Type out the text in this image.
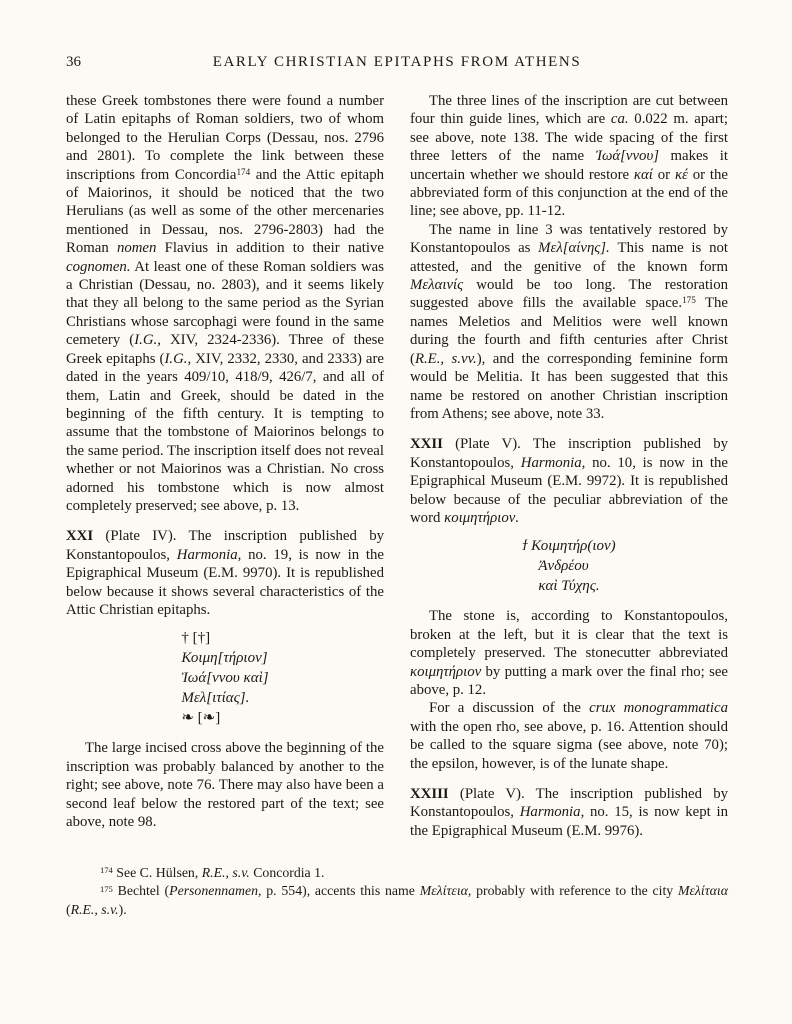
36	EARLY CHRISTIAN EPITAPHS FROM ATHENS

these Greek tombstones there were found a number of Latin epitaphs of Roman soldiers, two of whom belonged to the Herulian Corps (Dessau, nos. 2796 and 2801). To complete the link between these inscriptions from Concordia$^{174}$ and the Attic epitaph of Maiorinos, it should be noticed that the two Herulians (as well as some of the other mercenaries mentioned in Dessau, nos. 2796-2803) had the Roman nomen Flavius in addition to their native cognomen. At least one of these Roman soldiers was a Christian (Dessau, no. 2803), and it seems likely that they all belong to the same period as the Syrian Christians whose sarcophagi were found in the same cemetery (I.G., XIV, 2324-2336). Three of these Greek epitaphs (I.G., XIV, 2332, 2330, and 2333) are dated in the years 409/10, 418/9, 426/7, and all of them, Latin and Greek, should be dated in the beginning of the fifth century. It is tempting to assume that the tombstone of Maiorinos belongs to the same period. The inscription itself does not reveal whether or not Maiorinos was a Christian. No cross adorned his tombstone which is now almost completely preserved; see above, p. 13.

XXI (Plate IV). The inscription published by Konstantopoulos, Harmonia, no. 19, is now in the Epigraphical Museum (E.M. 9970). It is republished below because it shows several characteristics of the Attic Christian epitaphs.

† [†]
Κοιμη[τήριον]
Ἰωά[ννου καὶ]
Μελ[ιτίας].
❧ [❧]

The large incised cross above the beginning of the inscription was probably balanced by another to the right; see above, note 76. There may also have been a second leaf below the restored part of the text; see above, note 98.

The three lines of the inscription are cut between four thin guide lines, which are ca. 0.022 m. apart; see above, note 138. The wide spacing of the first three letters of the name Ἰωά[ννου] makes it uncertain whether we should restore καί or κέ or the abbreviated form of this conjunction at the end of the line; see above, pp. 11-12.

The name in line 3 was tentatively restored by Konstantopoulos as Μελ[αίνης]. This name is not attested, and the genitive of the known form Μελαινίς would be too long. The restoration suggested above fills the available space.$^{175}$ The names Meletios and Melitios were well known during the fourth and fifth centuries after Christ (R.E., s.vv.), and the corresponding feminine form would be Melitia. It has been suggested that this name be restored on another Christian inscription from Athens; see above, note 33.

XXII (Plate V). The inscription published by Konstantopoulos, Harmonia, no. 10, is now in the Epigraphical Museum (E.M. 9972). It is republished below because of the peculiar abbreviation of the word κοιμητήριον.

ϯ Κοιμητήρ(ιον)
Ἀνδρέου
καὶ Τύχης.

The stone is, according to Konstantopoulos, broken at the left, but it is clear that the text is completely preserved. The stonecutter abbreviated κοιμητήριον by putting a mark over the final rho; see above, p. 12.

For a discussion of the crux monogrammatica with the open rho, see above, p. 16. Attention should be called to the square sigma (see above, note 70); the epsilon, however, is of the lunate shape.

XXIII (Plate V). The inscription published by Konstantopoulos, Harmonia, no. 15, is now kept in the Epigraphical Museum (E.M. 9976).

$^{174}$ See C. Hülsen, R.E., s.v. Concordia 1.

$^{175}$ Bechtel (Personennamen, p. 554), accents this name Μελίτεια, probably with reference to the city Μελίταια (R.E., s.v.).
